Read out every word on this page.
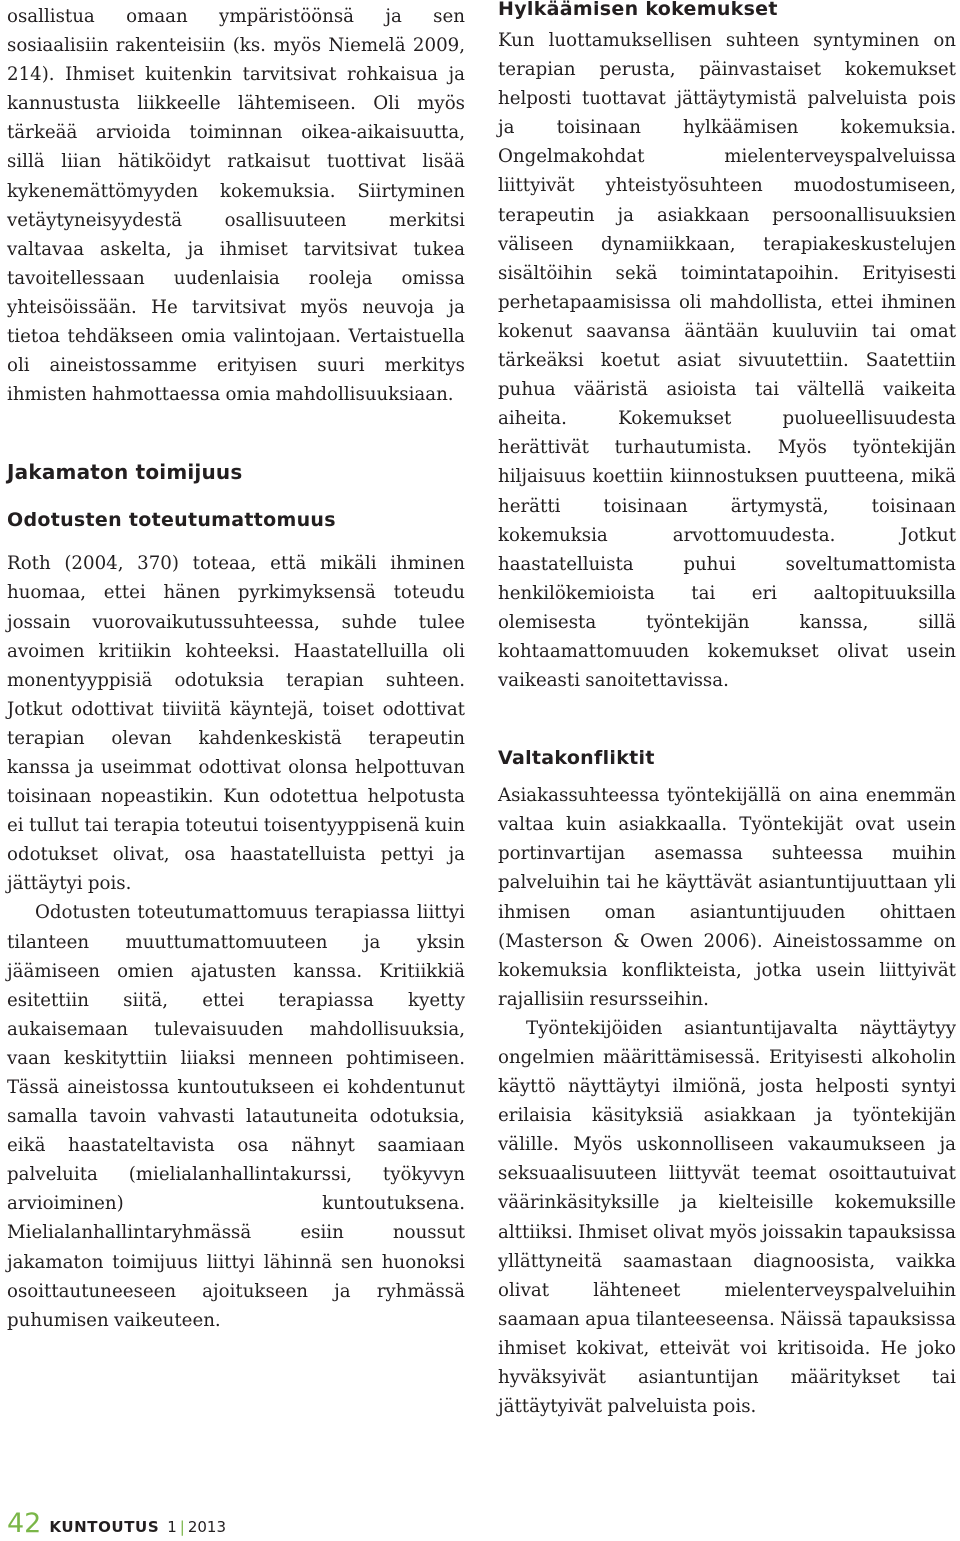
osallistua omaan ympäristöönsä ja sen sosiaalisiin rakenteisiin (ks. myös Niemelä 2009, 214). Ihmiset kuitenkin tarvitsivat rohkaisua ja kannustusta liikkeelle lähtemiseen. Oli myös tärkeää arvioida toiminnan oikea-aikaisuutta, sillä liian hätiköidyt ratkaisut tuottivat lisää kykenemättömyyden kokemuksia. Siirtyminen vetäytyneisyydestä osallisuuteen merkitsi valtavaa askelta, ja ihmiset tarvitsivat tukea tavoitellessaan uudenlaisia rooleja omissa yhteisöissään. He tarvitsivat myös neuvoja ja tietoa tehdäkseen omia valintojaan. Vertaistuella oli aineistossamme erityisen suuri merkitys ihmisten hahmottaessa omia mahdollisuuksiaan.

Jakamaton toimijuus
Odotusten toteutumattomuus

Roth (2004, 370) toteaa, että mikäli ihminen huomaa, ettei hänen pyrkimyksensä toteudu jossain vuorovaikutussuhteessa, suhde tulee avoimen kritiikin kohteeksi. Haastatelluilla oli monentyyppisiä odotuksia terapian suhteen. Jotkut odottivat tiiviitä käyntejä, toiset odottivat terapian olevan kahdenkeskistä terapeutin kanssa ja useimmat odottivat olonsa helpottuvan toisinaan nopeastikin. Kun odotettua helpotusta ei tullut tai terapia toteutui toisentyyppisenä kuin odotukset olivat, osa haastatelluista pettyi ja jättäytyi pois.

Odotusten toteutumattomuus terapiassa liittyi tilanteen muuttumattomuuteen ja yksin jäämiseen omien ajatusten kanssa. Kritiikkiä esitettiin siitä, ettei terapiassa kyetty aukaisemaan tulevaisuuden mahdollisuuksia, vaan keskityttiin liiaksi menneen pohtimiseen. Tässä aineistossa kuntoutukseen ei kohdentunut samalla tavoin vahvasti latautuneita odotuksia, eikä haastateltavista osa nähnyt saamiaan palveluita (mielialanhallintakurssi, työkyvyn arvioiminen) kuntoutuksena. Mielialanhallintaryhmässä esiin noussut jakamaton toimijuus liittyi lähinnä sen huonoksi osoittautuneeseen ajoitukseen ja ryhmässä puhumisen vaikeuteen.

Hylkäämisen kokemukset

Kun luottamuksellisen suhteen syntyminen on terapian perusta, päinvastaiset kokemukset helposti tuottavat jättäytymistä palveluista pois ja toisinaan hylkäämisen kokemuksia. Ongelmakohdat mielenterveyspalveluissa liittyivät yhteistyösuhteen muodostumiseen, terapeutin ja asiakkaan persoonallisuuksien väliseen dynamiikkaan, terapiakeskustelujen sisältöihin sekä toimintatapoihin. Erityisesti perhetapaamisissa oli mahdollista, ettei ihminen kokenut saavansa ääntään kuuluviin tai omat tärkeäksi koetut asiat sivuutettiin. Saatettiin puhua vääristä asioista tai vältellä vaikeita aiheita. Kokemukset puolueellisuudesta herättivät turhautumista. Myös työntekijän hiljaisuus koettiin kiinnostuksen puutteena, mikä herätti toisinaan ärtymystä, toisinaan kokemuksia arvottomuudesta. Jotkut haastatelluista puhui soveltumattomista henkilökemioista tai eri aaltopituuksilla olemisesta työntekijän kanssa, sillä kohtaamattomuuden kokemukset olivat usein vaikeasti sanoitettavissa.

Valtakonfliktit

Asiakassuhteessa työntekijällä on aina enemmän valtaa kuin asiakkaalla. Työntekijät ovat usein portinvartijan asemassa suhteessa muihin palveluihin tai he käyttävät asiantuntijuuttaan yli ihmisen oman asiantuntijuuden ohittaen (Masterson & Owen 2006). Aineistossamme on kokemuksia konflikteista, jotka usein liittyivät rajallisiin resursseihin.

Työntekijöiden asiantuntijavalta näyttäytyy ongelmien määrittämisessä. Erityisesti alkoholin käyttö näyttäytyi ilmiönä, josta helposti syntyi erilaisia käsityksiä asiakkaan ja työntekijän välille. Myös uskonnolliseen vakaumukseen ja seksuaalisuuteen liittyvät teemat osoittautuivat väärinkäsityksille ja kielteisille kokemuksille alttiiksi. Ihmiset olivat myös joissakin tapauksissa yllättyneitä saamastaan diagnoosista, vaikka olivat lähteneet mielenterveyspalveluihin saamaan apua tilanteeseensa. Näissä tapauksissa ihmiset kokivat, etteivät voi kritisoida. He joko hyväksyivät asiantuntijan määritykset tai jättäytyivät palveluista pois.

42 KUNTOUTUS 1 | 2013
